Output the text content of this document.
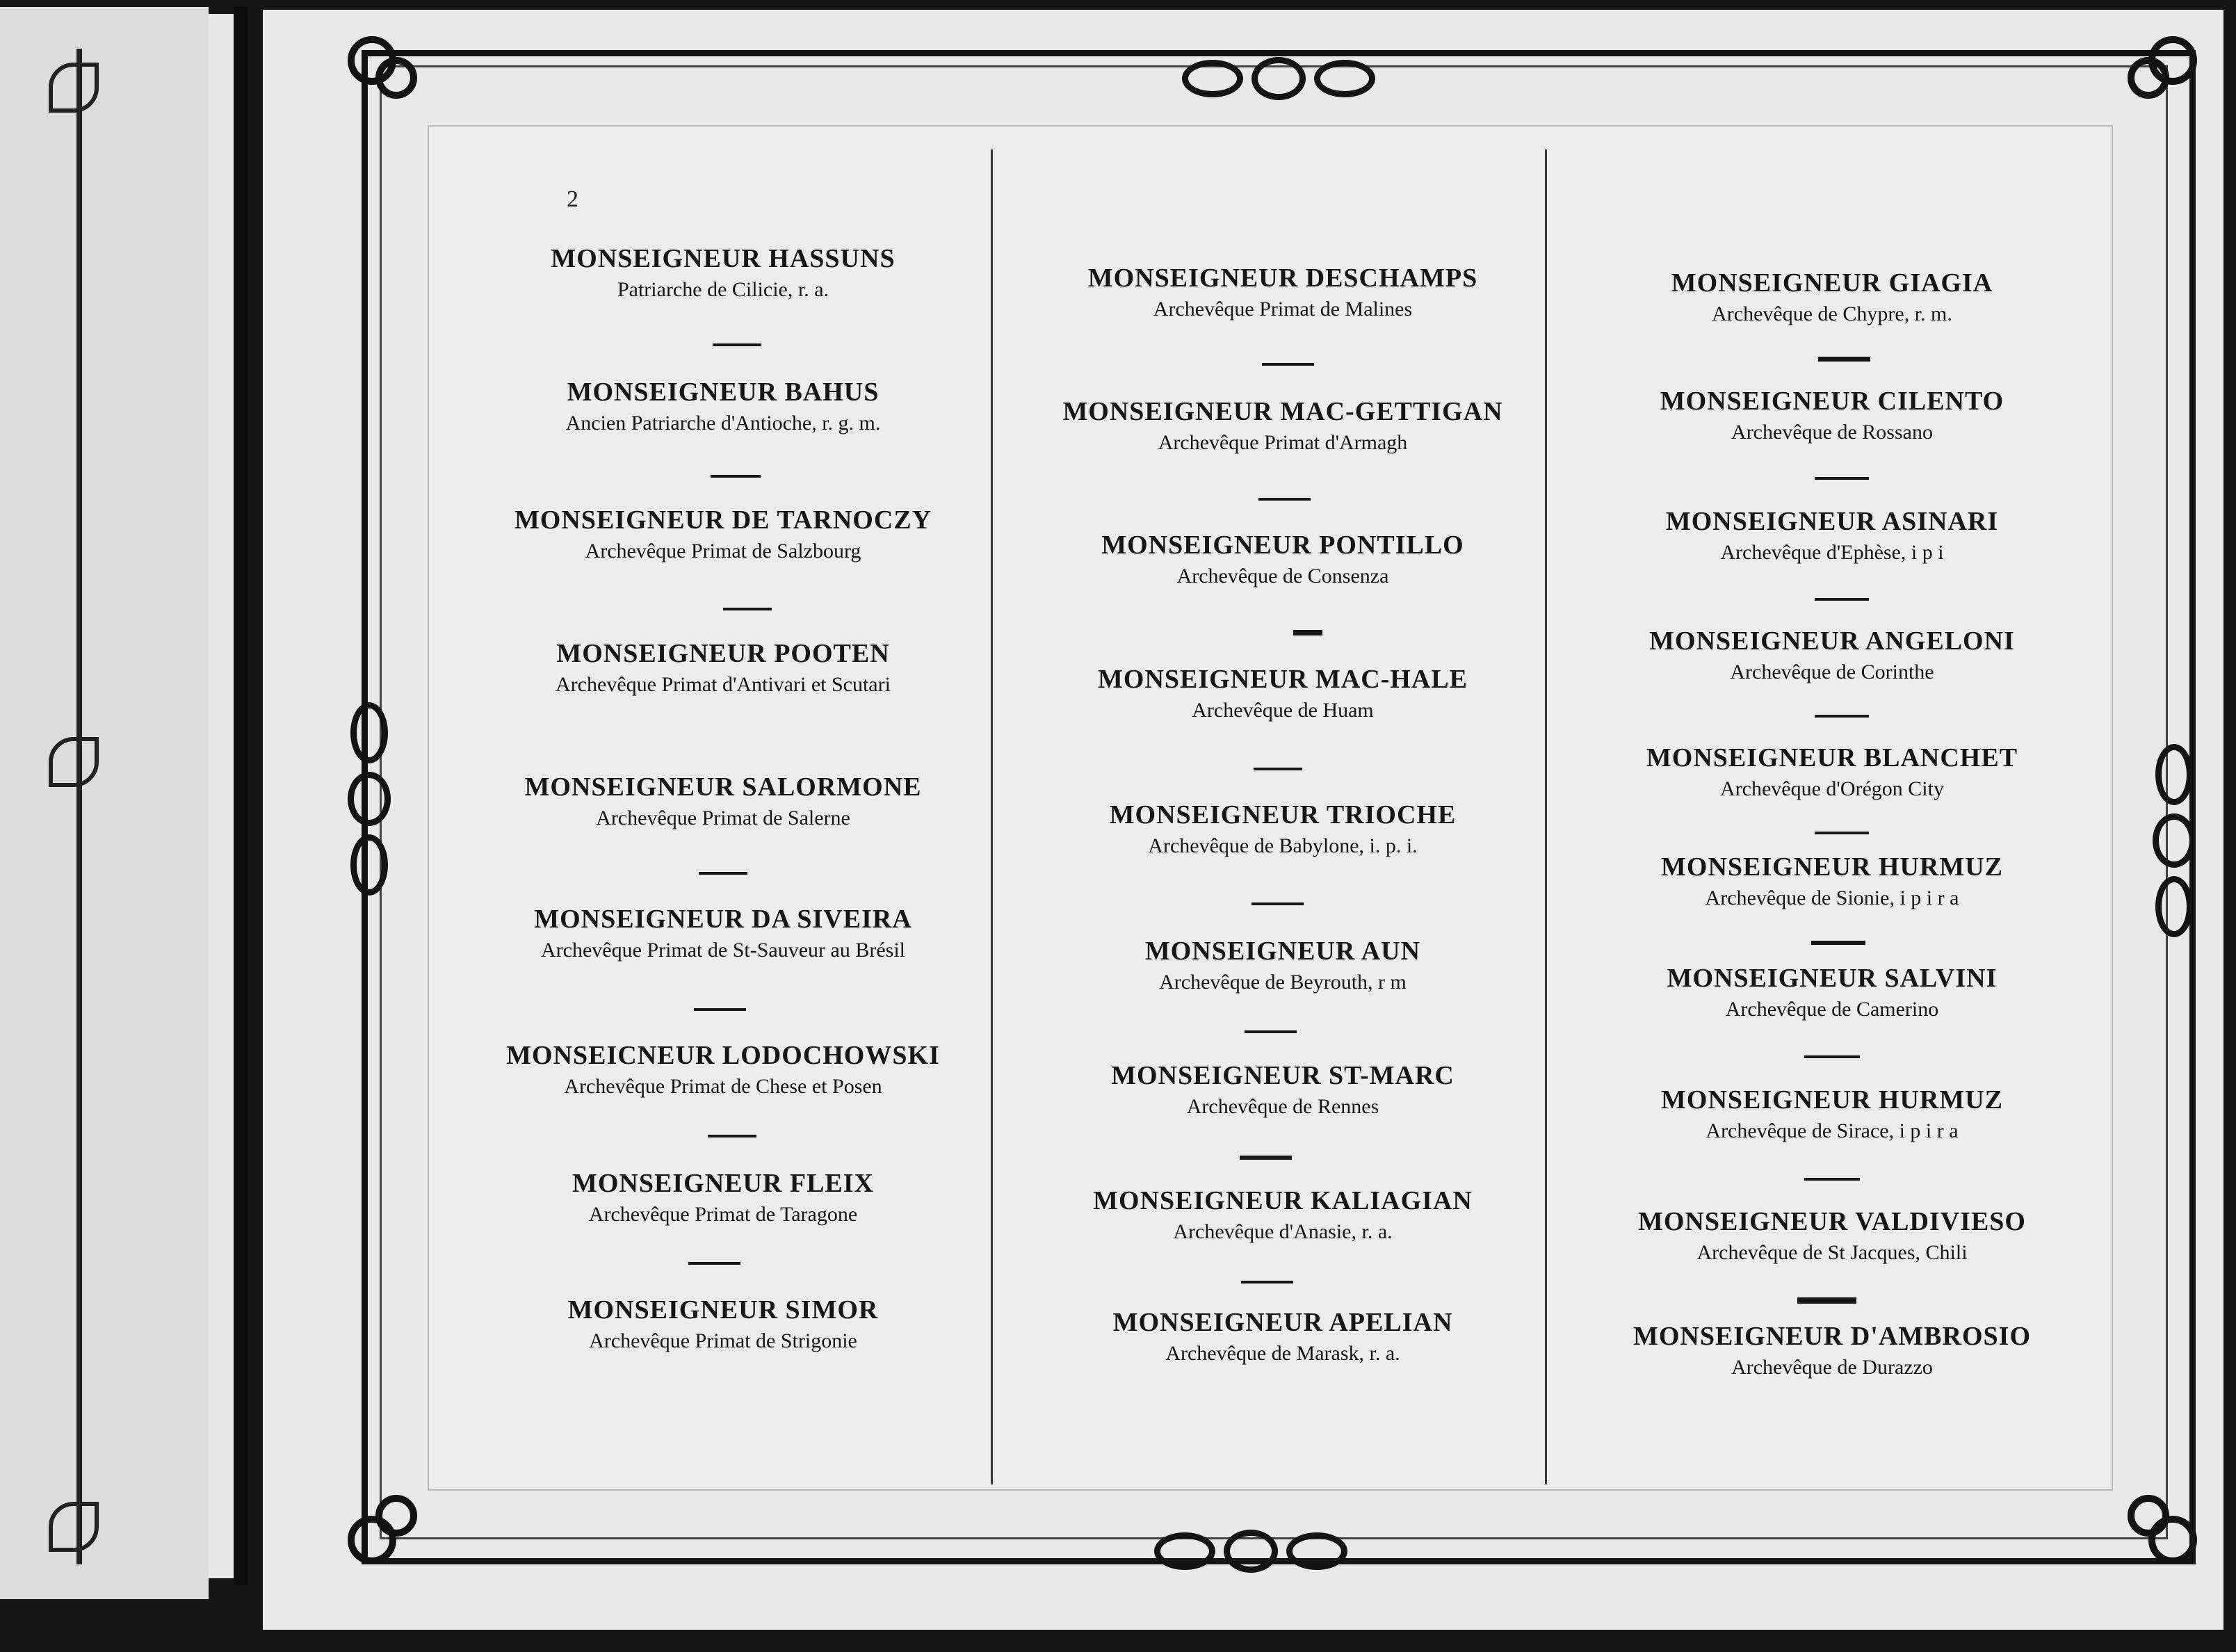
2
MONSEIGNEUR HASSUNS
Patriarche de Cilicie, r. a.
MONSEIGNEUR BAHUS
Ancien Patriarche d'Antioche, r. g. m.
MONSEIGNEUR DE TARNOCZY
Archevêque Primat de Salzbourg
MONSEIGNEUR POOTEN
Archevêque Primat d'Antivari et Scutari
MONSEIGNEUR SALORMONE
Archevêque Primat de Salerne
MONSEIGNEUR DA SIVEIRA
Archevêque Primat de St-Sauveur au Brésil
MONSEICNEUR LODOCHOWSKI
Archevêque Primat de Chese et Posen
MONSEIGNEUR FLEIX
Archevêque Primat de Taragone
MONSEIGNEUR SIMOR
Archevêque Primat de Strigonie
MONSEIGNEUR DESCHAMPS
Archevêque Primat de Malines
MONSEIGNEUR MAC-GETTIGAN
Archevêque Primat d'Armagh
MONSEIGNEUR PONTILLO
Archevêque de Consenza
MONSEIGNEUR MAC-HALE
Archevêque de Huam
MONSEIGNEUR TRIOCHE
Archevêque de Babylone, i. p. i.
MONSEIGNEUR AUN
Archevêque de Beyrouth, r m
MONSEIGNEUR ST-MARC
Archevêque de Rennes
MONSEIGNEUR KALIAGIAN
Archevêque d'Anasie, r. a.
MONSEIGNEUR APELIAN
Archevêque de Marask, r. a.
MONSEIGNEUR GIAGIA
Archevêque de Chypre, r. m.
MONSEIGNEUR CILENTO
Archevêque de Rossano
MONSEIGNEUR ASINARI
Archevêque d'Ephèse, i p i
MONSEIGNEUR ANGELONI
Archevêque de Corinthe
MONSEIGNEUR BLANCHET
Archevêque d'Orégon City
MONSEIGNEUR HURMUZ
Archevêque de Sionie, i p i r a
MONSEIGNEUR SALVINI
Archevêque de Camerino
MONSEIGNEUR HURMUZ
Archevêque de Sirace, i p i r a
MONSEIGNEUR VALDIVIESO
Archevêque de St Jacques, Chili
MONSEIGNEUR D'AMBROSIO
Archevêque de Durazzo
